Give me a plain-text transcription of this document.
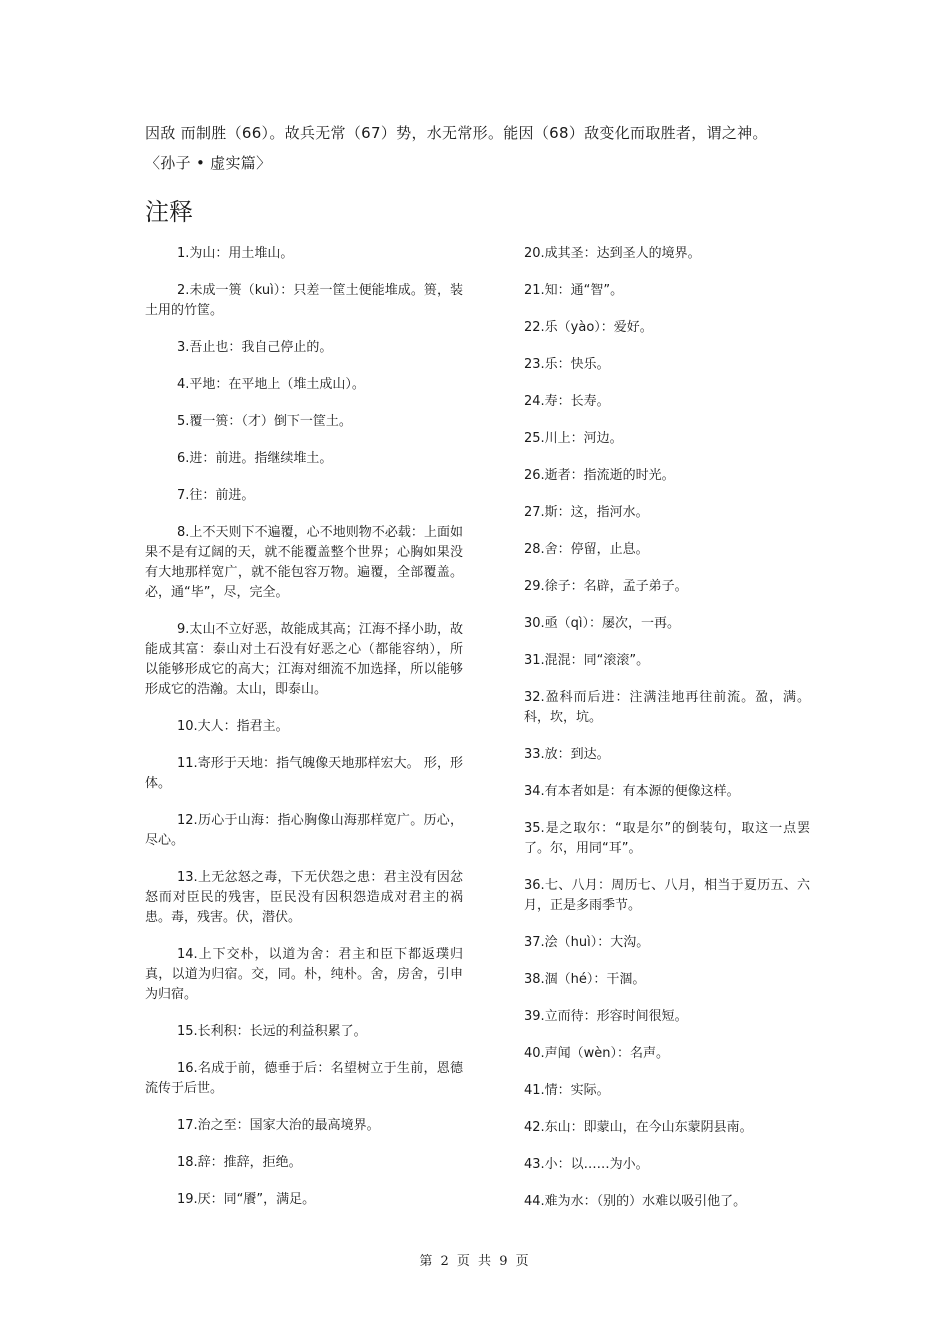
因敌 而制胜（66）。故兵无常（67）势，水无常形。能因（68）敌变化而取胜者，谓之神。

〈孙子 • 虚实篇〉

注释

1.为山：用土堆山。

2.未成一篑（kuì）：只差一筐土便能堆成。篑，装土用的竹筐。

3.吾止也：我自己停止的。

4.平地：在平地上（堆土成山）。

5.覆一篑：（才）倒下一筐土。

6.进：前进。指继续堆土。

7.往：前进。

8.上不天则下不遍覆，心不地则物不必载：上面如果不是有辽阔的天，就不能覆盖整个世界；心胸如果没有大地那样宽广，就不能包容万物。遍覆，全部覆盖。必，通“毕”，尽，完全。

9.太山不立好恶，故能成其高；江海不择小助，故能成其富：泰山对土石没有好恶之心（都能容纳），所以能够形成它的高大；江海对细流不加选择，所以能够形成它的浩瀚。太山，即泰山。

10.大人：指君主。

11.寄形于天地：指气魄像天地那样宏大。 形，形体。

12.历心于山海：指心胸像山海那样宽广。历心，尽心。

13.上无忿怒之毒，下无伏怨之患：君主没有因忿怒而对臣民的残害，臣民没有因积怨造成对君主的祸患。毒，残害。伏，潜伏。

14.上下交朴，以道为舍：君主和臣下都返璞归真，以道为归宿。交，同。朴，纯朴。舍，房舍，引申为归宿。

15.长利积：长远的利益积累了。

16.名成于前，德垂于后：名望树立于生前，恩德流传于后世。

17.治之至：国家大治的最高境界。

18.辞：推辞，拒绝。

19.厌：同“餍”，满足。

20.成其圣：达到圣人的境界。

21.知：通“智”。

22.乐（yào）：爱好。

23.乐：快乐。

24.寿：长寿。

25.川上：河边。

26.逝者：指流逝的时光。

27.斯：这，指河水。

28.舍：停留，止息。

29.徐子：名辟，孟子弟子。

30.亟（qì）：屡次，一再。

31.混混：同“滚滚”。

32.盈科而后进：注满洼地再往前流。盈，满。科，坎，坑。

33.放：到达。

34.有本者如是：有本源的便像这样。

35.是之取尔：“取是尔”的倒装句，取这一点罢了。尔，用同“耳”。

36.七、八月：周历七、八月，相当于夏历五、六月，正是多雨季节。

37.浍（huì）：大沟。

38.涸（hé）：干涸。

39.立而待：形容时间很短。

40.声闻（wèn）：名声。

41.情：实际。

42.东山：即蒙山，在今山东蒙阴县南。

43.小：以……为小。

44.难为水：（别的）水难以吸引他了。

第 2 页 共 9 页
